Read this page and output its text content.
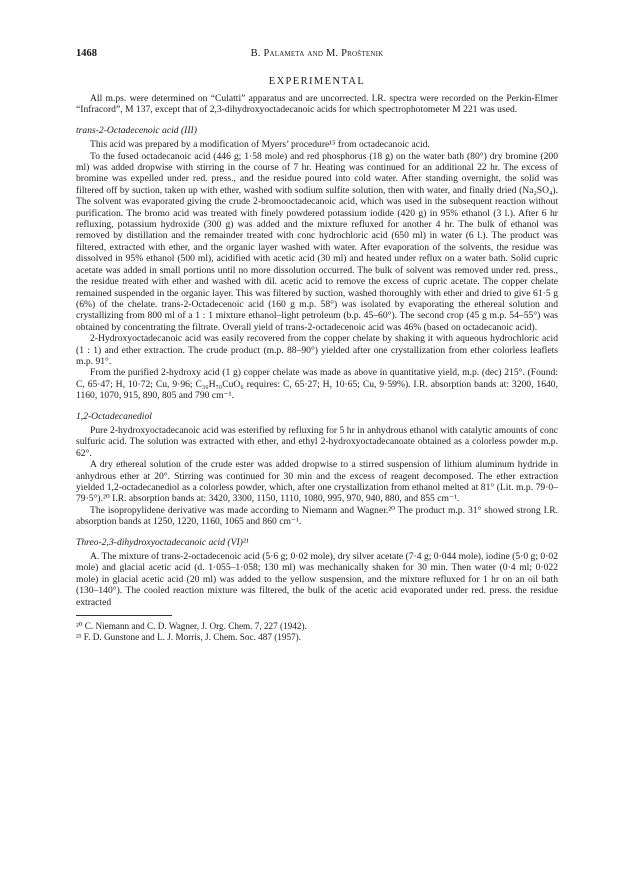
1468	B. Palameta and M. Proštenik
EXPERIMENTAL

All m.ps. were determined on “Culatti” apparatus and are uncorrected. I.R. spectra were recorded on the Perkin-Elmer “Infracord”, M 137, except that of 2,3-dihydroxyoctadecanoic acids for which spectrophotometer M 221 was used.

trans-2-Octadecenoic acid (III)

This acid was prepared by a modification of Myers’ procedure¹⁵ from octadecanoic acid.

To the fused octadecanoic acid (446 g; 1·58 mole) and red phosphorus (18 g) on the water bath (80°) dry bromine (200 ml) was added dropwise with stirring in the course of 7 hr. Heating was continued for an additional 22 hr. The excess of bromine was expelled under red. press., and the residue poured into cold water. After standing overnight, the solid was filtered off by suction, taken up with ether, washed with sodium sulfite solution, then with water, and finally dried (Na₂SO₄). The solvent was evaporated giving the crude 2-bromooctadecanoic acid, which was used in the subsequent reaction without purification. The bromo acid was treated with finely powdered potassium iodide (420 g) in 95% ethanol (3 l.). After 6 hr refluxing, potassium hydroxide (300 g) was added and the mixture refluxed for another 4 hr. The bulk of ethanol was removed by distillation and the remainder treated with conc hydrochloric acid (650 ml) in water (6 l.). The product was filtered, extracted with ether, and the organic layer washed with water. After evaporation of the solvents, the residue was dissolved in 95% ethanol (500 ml), acidified with acetic acid (30 ml) and heated under reflux on a water bath. Solid cupric acetate was added in small portions until no more dissolution occurred. The bulk of solvent was removed under red. press., the residue treated with ether and washed with dil. acetic acid to remove the excess of cupric acetate. The copper chelate remained suspended in the organic layer. This was filtered by suction, washed thoroughly with ether and dried to give 61·5 g (6%) of the chelate. trans-2-Octadecenoic acid (160 g m.p. 58°) was isolated by evaporating the ethereal solution and crystallizing from 800 ml of a 1 : 1 mixture ethanol–light petroleum (b.p. 45–60°). The second crop (45 g m.p. 54–55°) was obtained by concentrating the filtrate. Overall yield of trans-2-octadecenoic acid was 46% (based on octadecanoic acid).

2-Hydroxyoctadecanoic acid was easily recovered from the copper chelate by shaking it with aqueous hydrochloric acid (1 : 1) and ether extraction. The crude product (m.p. 88–90°) yielded after one crystallization from ether colorless leaflets m.p. 91°.

From the purified 2-hydroxy acid (1 g) copper chelate was made as above in quantitative yield, m.p. (dec) 215°. (Found: C, 65·47; H, 10·72; Cu, 9·96; C₃₆H₇₀CuO₆ requires: C, 65·27; H, 10·65; Cu, 9·59%). I.R. absorption bands at: 3200, 1640, 1160, 1070, 915, 890, 805 and 790 cm⁻¹.

1,2-Octadecanediol

Pure 2-hydroxyoctadecanoic acid was esterified by refluxing for 5 hr in anhydrous ethanol with catalytic amounts of conc sulfuric acid. The solution was extracted with ether, and ethyl 2-hydroxyoctadecanoate obtained as a colorless powder m.p. 62°.

A dry ethereal solution of the crude ester was added dropwise to a stirred suspension of lithium aluminum hydride in anhydrous ether at 20°. Stirring was continued for 30 min and the excess of reagent decomposed. The ether extraction yielded 1,2-octadecanediol as a colorless powder, which, after one crystallization from ethanol melted at 81° (Lit. m.p. 79·0–79·5°).²⁰ I.R. absorption bands at: 3420, 3300, 1150, 1110, 1080, 995, 970, 940, 880, and 855 cm⁻¹.

The isopropylidene derivative was made according to Niemann and Wagner.²⁰ The product m.p. 31° showed strong I.R. absorption bands at 1250, 1220, 1160, 1065 and 860 cm⁻¹.

Threo-2,3-dihydroxyoctadecanoic acid (VI)²¹

A. The mixture of trans-2-octadecenoic acid (5·6 g; 0·02 mole), dry silver acetate (7·4 g; 0·044 mole), iodine (5·0 g; 0·02 mole) and glacial acetic acid (d. 1·055–1·058; 130 ml) was mechanically shaken for 30 min. Then water (0·4 ml; 0·022 mole) in glacial acetic acid (20 ml) was added to the yellow suspension, and the mixture refluxed for 1 hr on an oil bath (130–140°). The cooled reaction mixture was filtered, the bulk of the acetic acid evaporated under red. press. the residue extracted

²⁰ C. Niemann and C. D. Wagner, J. Org. Chem. 7, 227 (1942).

²¹ F. D. Gunstone and L. J. Morris, J. Chem. Soc. 487 (1957).
